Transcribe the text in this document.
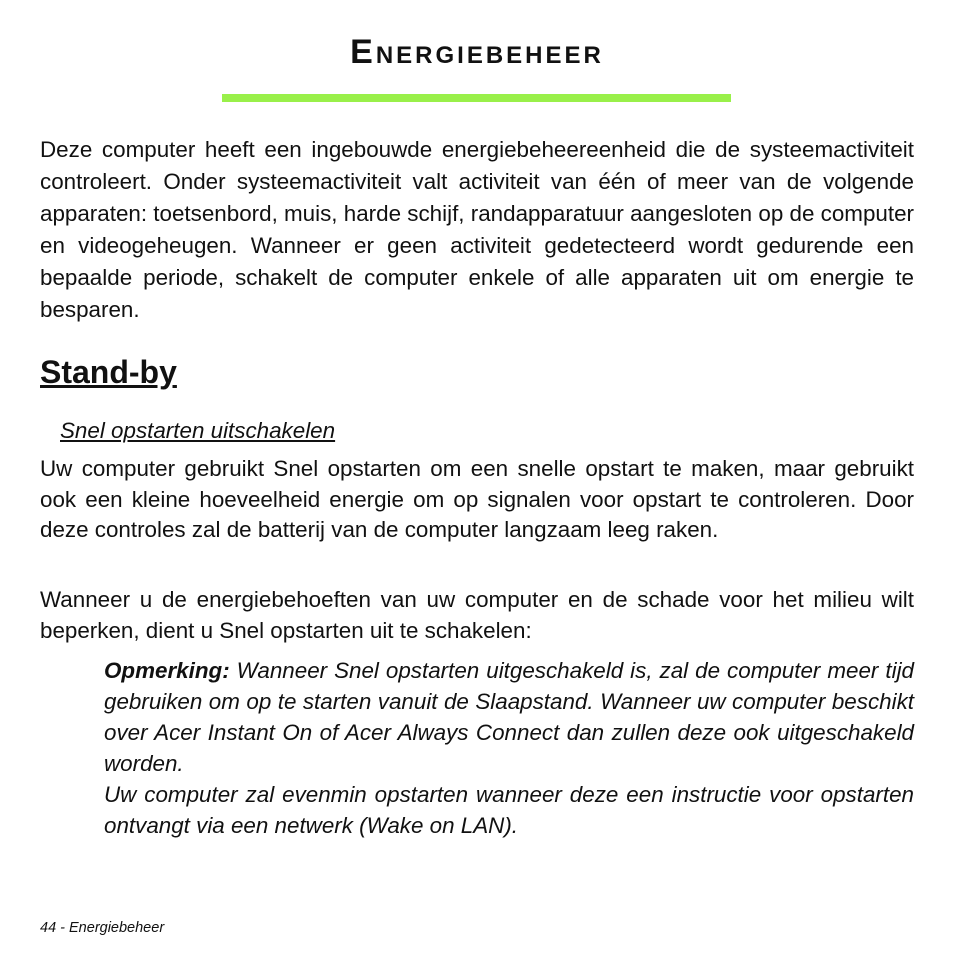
Energiebeheer

Deze computer heeft een ingebouwde energiebeheereenheid die de systeemactiviteit controleert. Onder systeemactiviteit valt activiteit van één of meer van de volgende apparaten: toetsenbord, muis, harde schijf, randapparatuur aangesloten op de computer en videogeheugen. Wanneer er geen activiteit gedetecteerd wordt gedurende een bepaalde periode, schakelt de computer enkele of alle apparaten uit om energie te besparen.

Stand-by

Snel opstarten uitschakelen

Uw computer gebruikt Snel opstarten om een snelle opstart te maken, maar gebruikt ook een kleine hoeveelheid energie om op signalen voor opstart te controleren. Door deze controles zal de batterij van de computer langzaam leeg raken.

Wanneer u de energiebehoeften van uw computer en de schade voor het milieu wilt beperken, dient u Snel opstarten uit te schakelen:

Opmerking: Wanneer Snel opstarten uitgeschakeld is, zal de computer meer tijd gebruiken om op te starten vanuit de Slaapstand. Wanneer uw computer beschikt over Acer Instant On of Acer Always Connect dan zullen deze ook uitgeschakeld worden.

Uw computer zal evenmin opstarten wanneer deze een instructie voor opstarten ontvangt via een netwerk (Wake on LAN).

44 - Energiebeheer
